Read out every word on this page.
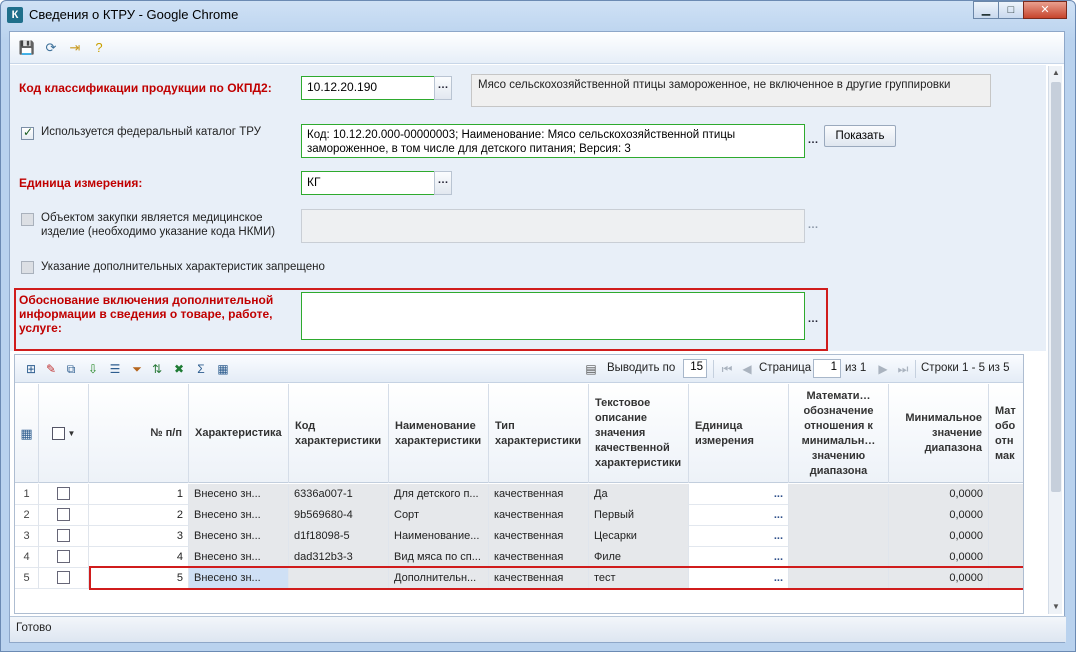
К Сведения о КТРУ - Google Chrome	▁	□	✕
💾 ⟳ ⇥	?
Код классификации продукции по ОКПД2:	10.12.20.190	…	Мясо сельскохозяйственной птицы замороженное, не включенное в другие группировки
✓
Используется федеральный каталог ТРУ	Код: 10.12.20.000-00000003; Наименование: Мясо сельскохозяйственной птицы замороженное, в том числе для детского питания; Версия: 3
…	Показать
Единица измерения:	КГ	…
Объектом закупки является медицинское изделие (необходимо указание кода НКМИ)
…
Указание дополнительных характеристик запрещено
Обоснование включения дополнительной информации в сведения о товаре, работе, услуге:
…
▲
▼
⊞ ✎ ⧉	⇩ ☰ ⏷ ⇅ ✖	Σ	▦	▤ Выводить по	15	⏮ ◀ Страница	1 из 1 ▶ ⏭ Строки 1 - 5 из 5
▦	▼	№ п/п	Характеристика
Код характеристики
Наименование характеристики
Тип характеристики
Текстовое описание значения качественной характеристики
Единица измерения
Математи… обозначение отношения к минимальн… значению диапазона
Минимальное значение диапазона
Мат обо отн мак
1	1	Внесено зн...	6336a007-1	Для детского п...	качественная	Да	...	0,0000
2	2	Внесено зн...	9b569680-4	Сорт	качественная	Первый	...	0,0000
3	3	Внесено зн...	d1f18098-5	Наименование...	качественная	Цесарки	...	0,0000
4	4	Внесено зн...	dad312b3-3	Вид мяса по сп...	качественная	Филе	...	0,0000
5	5	Внесено зн...	Дополнительн...	качественная	тест	...	0,0000
Готово
